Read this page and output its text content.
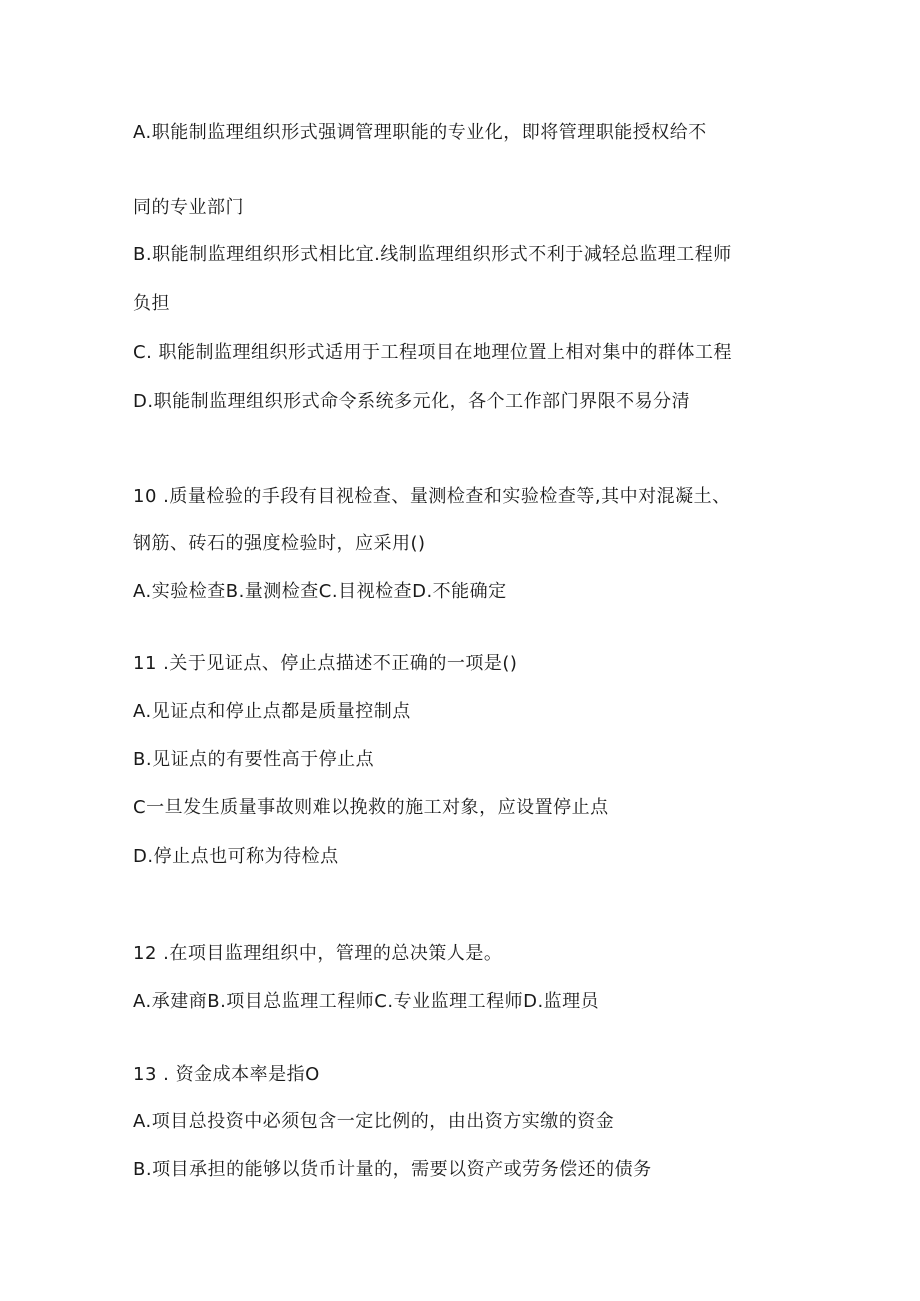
A.职能制监理组织形式强调管理职能的专业化，即将管理职能授权给不
同的专业部门
B.职能制监理组织形式相比宜.线制监理组织形式不利于减轻总监理工程师
负担
C. 职能制监理组织形式适用于工程项目在地理位置上相对集中的群体工程
D.职能制监理组织形式命令系统多元化，各个工作部门界限不易分清
10 .质量检验的手段有目视检查、量测检查和实验检查等,其中对混凝土、
钢筋、砖石的强度检验时，应采用()
A.实验检查B.量测检查C.目视检查D.不能确定
11 .关于见证点、停止点描述不正确的一项是()
A.见证点和停止点都是质量控制点
B.见证点的有要性高于停止点
C一旦发生质量事故则难以挽救的施工对象，应设置停止点
D.停止点也可称为待检点
12 .在项目监理组织中，管理的总决策人是。
A.承建商B.项目总监理工程师C.专业监理工程师D.监理员
13 . 资金成本率是指O
A.项目总投资中必须包含一定比例的，由出资方实缴的资金
B.项目承担的能够以货币计量的，需要以资产或劳务偿还的债务
